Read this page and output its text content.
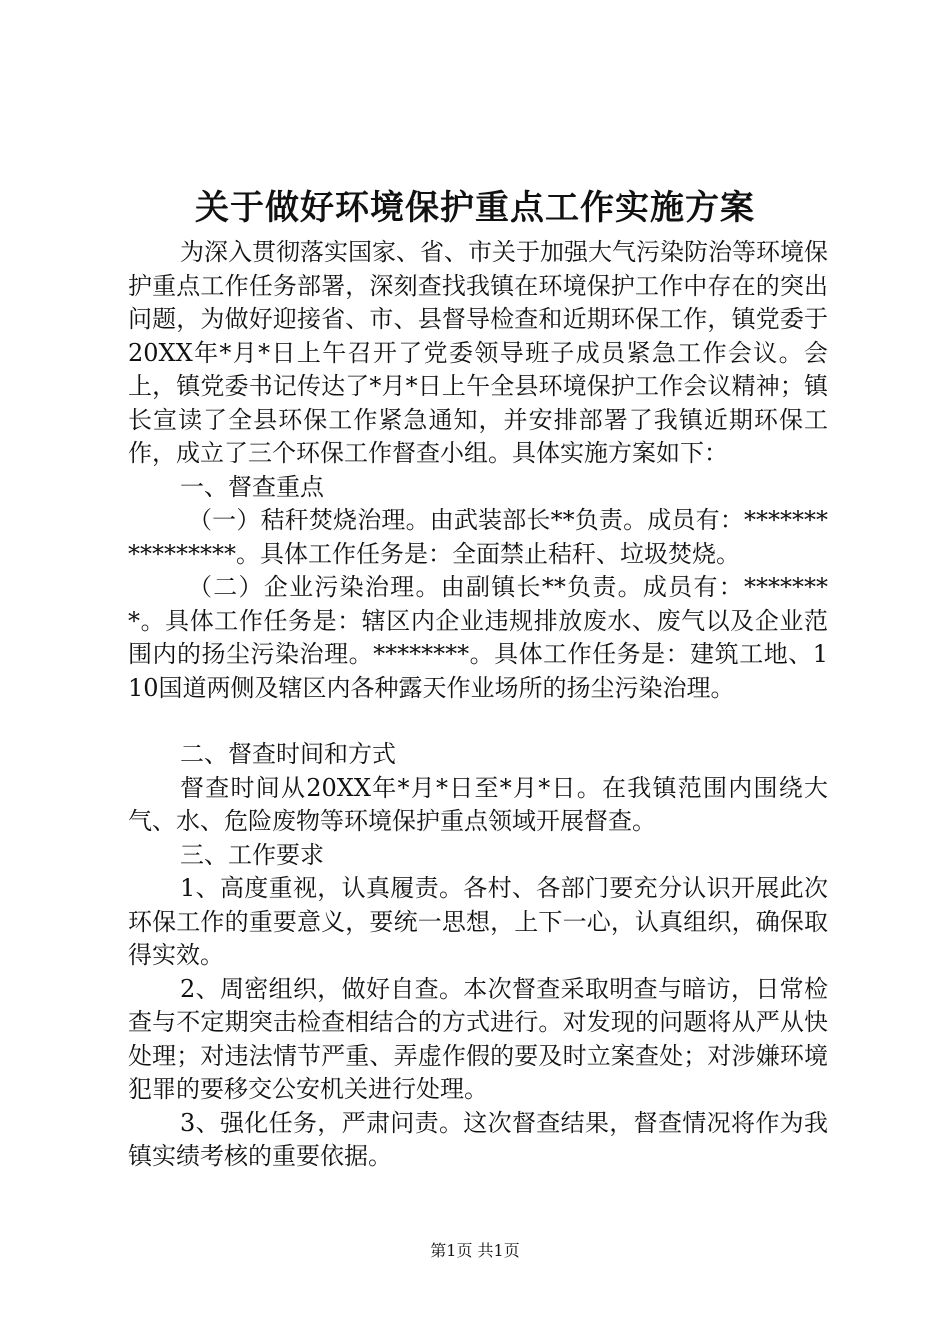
关于做好环境保护重点工作实施方案

为深入贯彻落实国家、省、市关于加强大气污染防治等环境保护重点工作任务部署，深刻查找我镇在环境保护工作中存在的突出问题，为做好迎接省、市、县督导检查和近期环保工作，镇党委于20XX年*月*日上午召开了党委领导班子成员紧急工作会议。会上，镇党委书记传达了*月*日上午全县环境保护工作会议精神；镇长宣读了全县环保工作紧急通知，并安排部署了我镇近期环保工作，成立了三个环保工作督查小组。具体实施方案如下：

一、督查重点

（一）秸秆焚烧治理。由武装部长**负责。成员有：****************。具体工作任务是：全面禁止秸秆、垃圾焚烧。

（二）企业污染治理。由副镇长**负责。成员有：********。具体工作任务是：辖区内企业违规排放废水、废气以及企业范围内的扬尘污染治理。********。具体工作任务是：建筑工地、110国道两侧及辖区内各种露天作业场所的扬尘污染治理。

二、督查时间和方式

督查时间从20XX年*月*日至*月*日。在我镇范围内围绕大气、水、危险废物等环境保护重点领域开展督查。

三、工作要求

1、高度重视，认真履责。各村、各部门要充分认识开展此次环保工作的重要意义，要统一思想，上下一心，认真组织，确保取得实效。

2、周密组织，做好自查。本次督查采取明查与暗访，日常检查与不定期突击检查相结合的方式进行。对发现的问题将从严从快处理；对违法情节严重、弄虚作假的要及时立案查处；对涉嫌环境犯罪的要移交公安机关进行处理。

3、强化任务，严肃问责。这次督查结果，督查情况将作为我镇实绩考核的重要依据。

第1页 共1页
